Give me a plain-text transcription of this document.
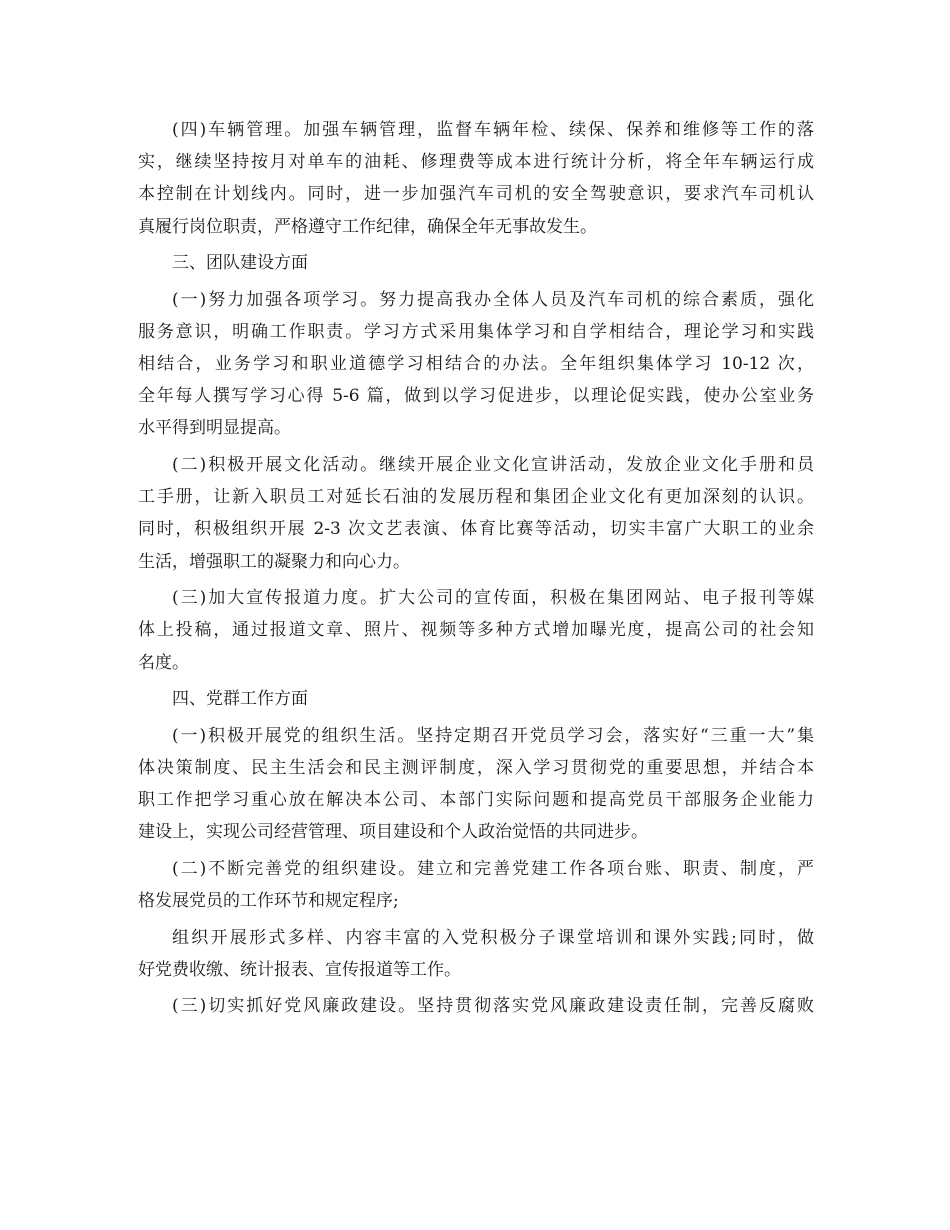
(四)车辆管理。加强车辆管理，监督车辆年检、续保、保养和维修等工作的落
实，继续坚持按月对单车的油耗、修理费等成本进行统计分析，将全年车辆运行成
本控制在计划线内。同时，进一步加强汽车司机的安全驾驶意识，要求汽车司机认
真履行岗位职责，严格遵守工作纪律，确保全年无事故发生。
三、团队建设方面
(一)努力加强各项学习。努力提高我办全体人员及汽车司机的综合素质，强化
服务意识，明确工作职责。学习方式采用集体学习和自学相结合，理论学习和实践
相结合，业务学习和职业道德学习相结合的办法。全年组织集体学习 10-12 次，
全年每人撰写学习心得 5-6 篇，做到以学习促进步，以理论促实践，使办公室业务
水平得到明显提高。
(二)积极开展文化活动。继续开展企业文化宣讲活动，发放企业文化手册和员
工手册，让新入职员工对延长石油的发展历程和集团企业文化有更加深刻的认识。
同时，积极组织开展 2-3 次文艺表演、体育比赛等活动，切实丰富广大职工的业余
生活，增强职工的凝聚力和向心力。
(三)加大宣传报道力度。扩大公司的宣传面，积极在集团网站、电子报刊等媒
体上投稿，通过报道文章、照片、视频等多种方式增加曝光度，提高公司的社会知
名度。
四、党群工作方面
(一)积极开展党的组织生活。坚持定期召开党员学习会，落实好“三重一大”集
体决策制度、民主生活会和民主测评制度，深入学习贯彻党的重要思想，并结合本
职工作把学习重心放在解决本公司、本部门实际问题和提高党员干部服务企业能力
建设上，实现公司经营管理、项目建设和个人政治觉悟的共同进步。
(二)不断完善党的组织建设。建立和完善党建工作各项台账、职责、制度，严
格发展党员的工作环节和规定程序;
组织开展形式多样、内容丰富的入党积极分子课堂培训和课外实践;同时，做
好党费收缴、统计报表、宣传报道等工作。
(三)切实抓好党风廉政建设。坚持贯彻落实党风廉政建设责任制，完善反腐败
